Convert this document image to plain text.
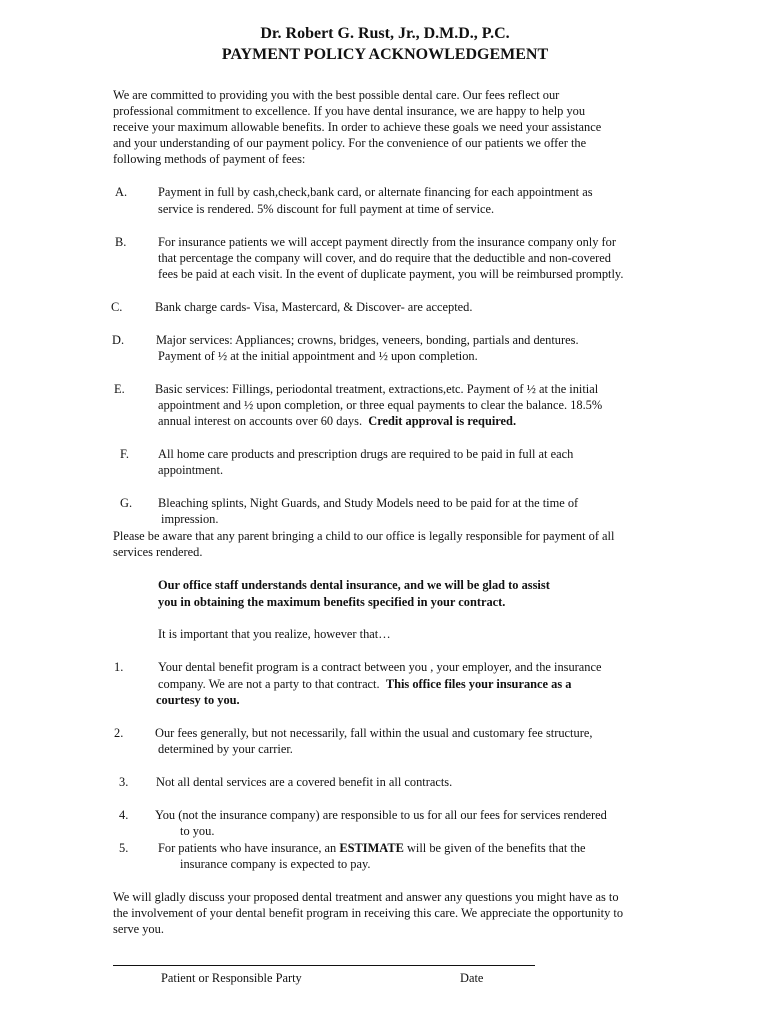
Dr. Robert G. Rust, Jr., D.M.D., P.C.
PAYMENT POLICY ACKNOWLEDGEMENT
We are committed to providing you with the best possible dental care. Our fees reflect our
professional commitment to excellence. If you have dental insurance, we are happy to help you
receive your maximum allowable benefits. In order to achieve these goals we need your assistance
and your understanding of our payment policy. For the convenience of our patients we offer the
following methods of payment of fees:
A. Payment in full by cash,check,bank card, or alternate financing for each appointment as
service is rendered. 5% discount for full payment at time of service.
B.	For insurance patients we will accept payment directly from the insurance company only for
that percentage the company will cover, and do require that the deductible and non-covered
fees be paid at each visit. In the event of duplicate payment, you will be reimbursed promptly.
C.	Bank charge cards- Visa, Mastercard, & Discover- are accepted.
D.	Major services: Appliances; crowns, bridges, veneers, bonding, partials and dentures.
Payment of ½ at the initial appointment and ½ upon completion.
E. Basic services: Fillings, periodontal treatment, extractions,etc. Payment of ½ at the initial
appointment and ½ upon completion, or three equal payments to clear the balance. 18.5%
annual interest on accounts over 60 days. Credit approval is required.
F. All home care products and prescription drugs are required to be paid in full at each
appointment.
G. Bleaching splints, Night Guards, and Study Models need to be paid for at the time of
impression.
Please be aware that any parent bringing a child to our office is legally responsible for payment of all
services rendered.
Our office staff understands dental insurance, and we will be glad to assist
you in obtaining the maximum benefits specified in your contract.
It is important that you realize, however that…
1.	Your dental benefit program is a contract between you , your employer, and the insurance
company. We are not a party to that contract. This office files your insurance as a
courtesy to you.
2.	Our fees generally, but not necessarily, fall within the usual and customary fee structure,
determined by your carrier.
3. Not all dental services are a covered benefit in all contracts.
4. You (not the insurance company) are responsible to us for all our fees for services rendered
to you.
5. For patients who have insurance, an ESTIMATE will be given of the benefits that the
insurance company is expected to pay.
We will gladly discuss your proposed dental treatment and answer any questions you might have as to
the involvement of your dental benefit program in receiving this care. We appreciate the opportunity to
serve you.
Patient or Responsible Party	Date
